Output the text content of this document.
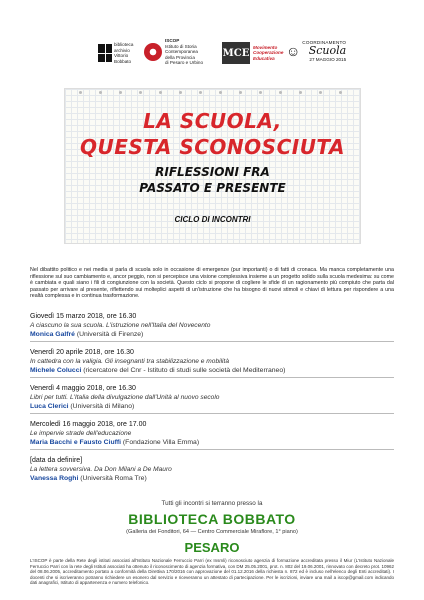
biblioteca
archivio
Vittorio
Bobbato
ISCOP
Istituto di Storia
Contemporanea
della Provincia
di Pesaro e Urbino
MCE
Movimento
Cooperazione
Educativa ☺
COORDINAMENTO
Scuola
27 MAGGIO 2015
LA SCUOLA,
QUESTA SCONOSCIUTA
RIFLESSIONI FRA
PASSATO E PRESENTE
CICLO DI INCONTRI

Nel dibattito politico e nei media si parla di scuola solo in occasione di emergenze (pur importanti) o di fatti di cronaca. Ma manca completamente una riflessione sul suo cambiamento e, ancor peggio, non si percepisce una visione complessiva insieme a un progetto solido sulla scuola medesima: su come è cambiata e quali siano i fili di congiunzione con la società. Questo ciclo si propone di cogliere le sfide di un ragionamento più compiuto che parta dal passato per arrivare al presente, riflettendo sui molteplici aspetti di un'istruzione che ha bisogno di nuovi stimoli e chiavi di lettura per rispondere a una realtà complessa e in continua trasformazione.

Giovedì 15 marzo 2018, ore 16.30
A ciascuno la sua scuola. L'istruzione nell'Italia del Novecento
Monica Galfré (Università di Firenze)
Venerdì 20 aprile 2018, ore 16.30
In cattedra con la valigia. Gli insegnanti tra stabilizzazione e mobilità
Michele Colucci (ricercatore del Cnr - Istituto di studi sulle società del Mediterraneo)
Venerdì 4 maggio 2018, ore 16.30
Libri per tutti. L'Italia della divulgazione dall'Unità al nuovo secolo
Luca Clerici (Università di Milano)
Mercoledì 16 maggio 2018, ore 17.00
Le impervie strade dell'educazione
Maria Bacchi e Fausto Ciuffi (Fondazione Villa Emma)
[data da definire]
La lettera sovversiva. Da Don Milani a De Mauro
Vanessa Roghi (Università Roma Tre)
Tutti gli incontri si terranno presso la
BIBLIOTECA BOBBATO
(Galleria dei Fonditori, 64 — Centro Commerciale Miraflore, 1° piano)
PESARO

L'ISCOP è parte della Rete degli istituti associati all'Istituto Nazionale Ferruccio Parri (ex Insmli) riconosciuto agenzia di formazione accreditata presso il Miur (L'Istituto Nazionale Ferruccio Parri con la rete degli Istituti associati ha ottenuto il riconoscimento di agenzia formativa, con DM 25.05.2001, prot. n. 802 del 19.06.2001, rinnovato con decreto prot. 10962 del 08.06.2005, accreditamento portato a conformità della Direttiva 170/2016 con approvazione del 01.12.2016 della richiesta n. 872 ed è incluso nell'elenco degli Enti accreditati). I docenti che si iscriveranno potranno richiedere un esonero dal servizio e riceveranno un attestato di partecipazione. Per le iscrizioni, inviare una mail a iscop@gmail.com indicando dati anagrafici, Istituto di appartenenza e numero telefonico.
